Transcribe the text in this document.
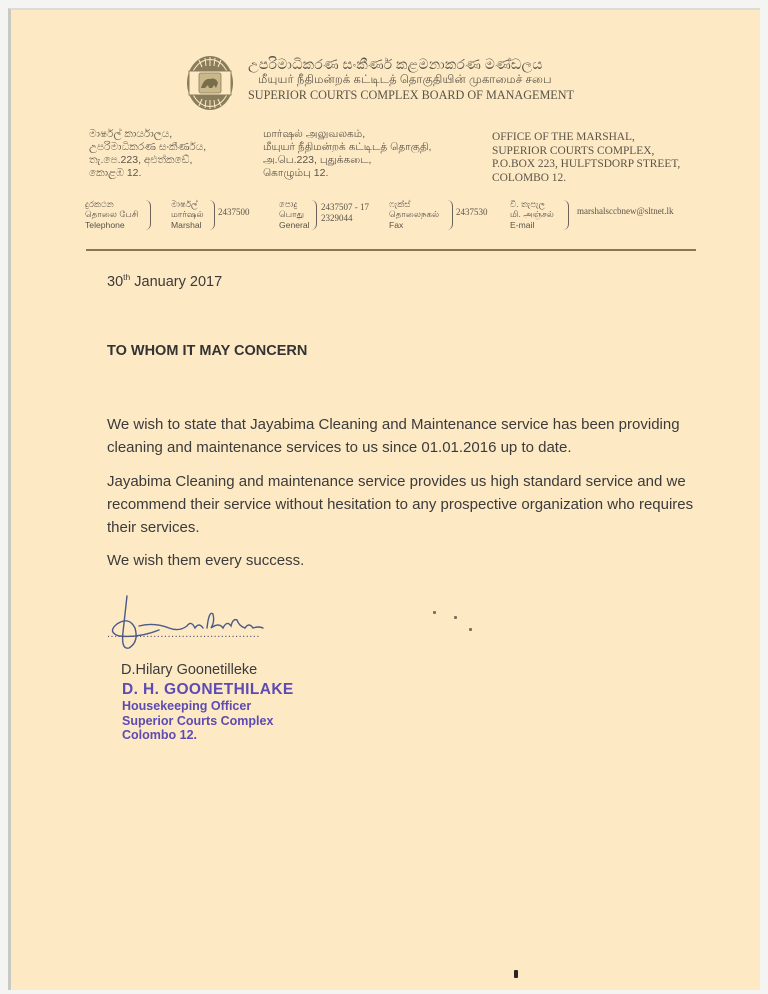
උපරිමාධිකරණ සංකීර්ණ කළමනාකරණ මණ්ඩලය
மீயுயர் நீதிமன்றக் கட்டிடத் தொகுதியின் முகாமைச் சபை
SUPERIOR COURTS COMPLEX BOARD OF MANAGEMENT
මාර්ෂල් කාර්යාලය,
උපරිමාධිකරණ සංකීර්ණය,
තැ.පෙ.223, අළුත්කඩේ,
කොළඹ 12.
மார்ஷல் அலுவலகம்,
மீயுயர் நீதிமன்றக் கட்டிடத் தொகுதி,
அ.பெ.223, புதுக்கடை,
கொழும்பு 12.
OFFICE OF THE MARSHAL,
SUPERIOR COURTS COMPLEX,
P.O.BOX 223, HULFTSDORP STREET,
COLOMBO 12.
දුරකථන
தொலை பேசி
Telephone
මාර්ෂල්
மார்ஷல்
Marshal
2437500
පොදු
பொது
General
2437507 - 17
2329044
ෆැක්ස්
தொலைநகல்
Fax
2437530
වි. තැපැල
மி. அஞ்சல்
E-mail
marshalsccbnew@sltnet.lk
30th January 2017
TO WHOM IT MAY CONCERN
We wish to state that Jayabima Cleaning and Maintenance service has been providing cleaning and maintenance services to us since 01.01.2016 up to date.
Jayabima Cleaning and maintenance service provides us high standard service and we recommend their service without hesitation to any prospective organization who requires their services.
We wish them every success.
...........................................
D.Hilary Goonetilleke
D. H. GOONETHILAKE
Housekeeping Officer
Superior Courts Complex
Colombo 12.
